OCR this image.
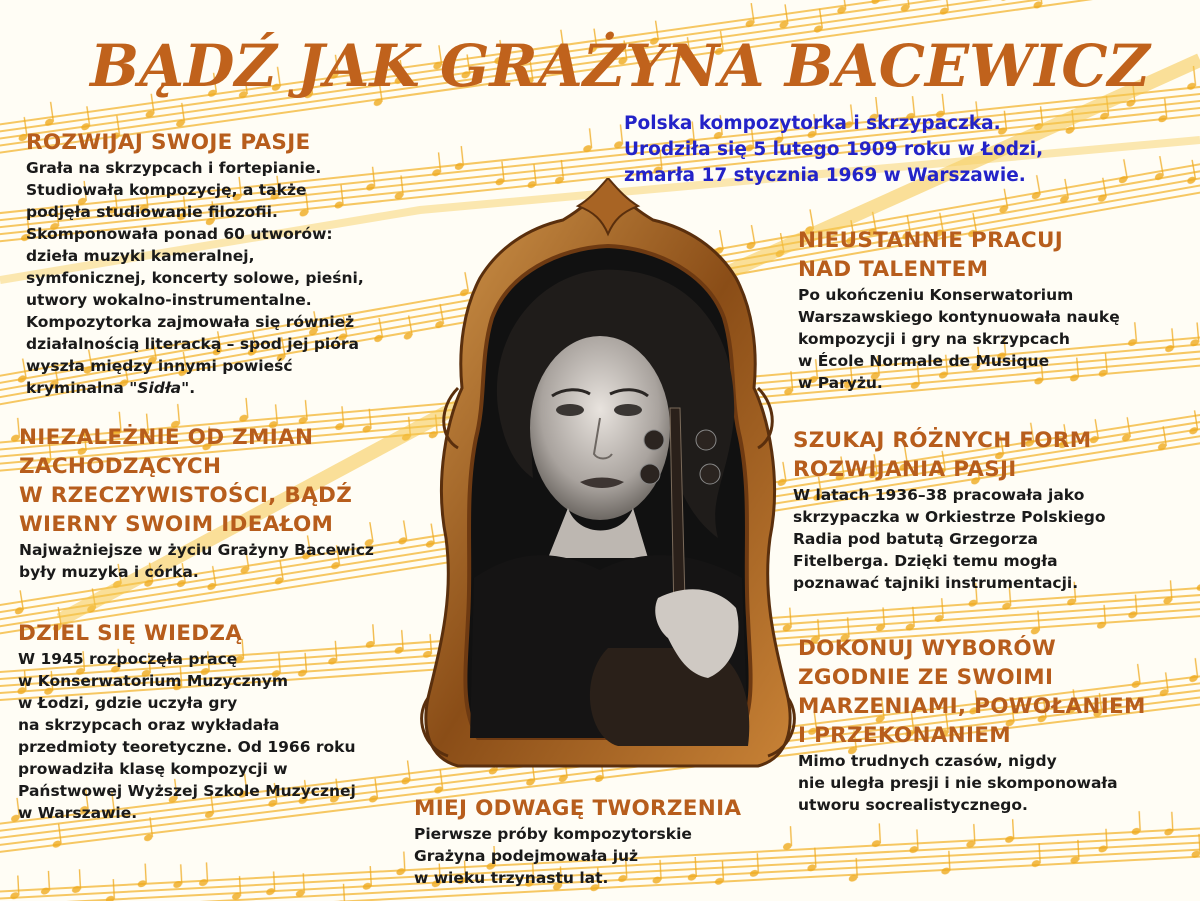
BĄDŹ JAK GRAŻYNA BACEWICZ
Polska kompozytorka i skrzypaczka.
Urodziła się 5 lutego 1909 roku w Łodzi,
zmarła 17 stycznia 1969 w Warszawie.
ROZWIJAJ SWOJE PASJE
Grała na skrzypcach i fortepianie.
Studiowała kompozycję, a także
podjęła studiowanie filozofii.
Skomponowała ponad 60 utworów:
dzieła muzyki kameralnej,
symfonicznej, koncerty solowe, pieśni,
utwory wokalno-instrumentalne.
Kompozytorka zajmowała się również
działalnością literacką – spod jej pióra
wyszła między innymi powieść
kryminalna "Sidła".
NIEZALEŻNIE OD ZMIAN
ZACHODZĄCYCH
W RZECZYWISTOŚCI, BĄDŹ
WIERNY SWOIM IDEAŁOM
Najważniejsze w życiu Grażyny Bacewicz
były muzyka i córka.
DZIEL SIĘ WIEDZĄ
W 1945 rozpoczęła pracę
w Konserwatorium Muzycznym
w Łodzi, gdzie uczyła gry
na skrzypcach oraz wykładała
przedmioty teoretyczne. Od 1966 roku
prowadziła klasę kompozycji w
Państwowej Wyższej Szkole Muzycznej
w Warszawie.	MIEJ ODWAGĘ TWORZENIA
Pierwsze próby kompozytorskie
Grażyna podejmowała już
w wieku trzynastu lat.
NIEUSTANNIE PRACUJ
NAD TALENTEM
Po ukończeniu Konserwatorium
Warszawskiego kontynuowała naukę
kompozycji i gry na skrzypcach
w École Normale de Musique
w Paryżu.
SZUKAJ RÓŻNYCH FORM
ROZWIJANIA PASJI
W latach 1936–38 pracowała jako
skrzypaczka w Orkiestrze Polskiego
Radia pod batutą Grzegorza
Fitelberga. Dzięki temu mogła
poznawać tajniki instrumentacji.
DOKONUJ WYBORÓW
ZGODNIE ZE SWOIMI
MARZENIAMI, POWOŁANIEM
I PRZEKONANIEM
Mimo trudnych czasów, nigdy
nie uległa presji i nie skomponowała
utworu socrealistycznego.
